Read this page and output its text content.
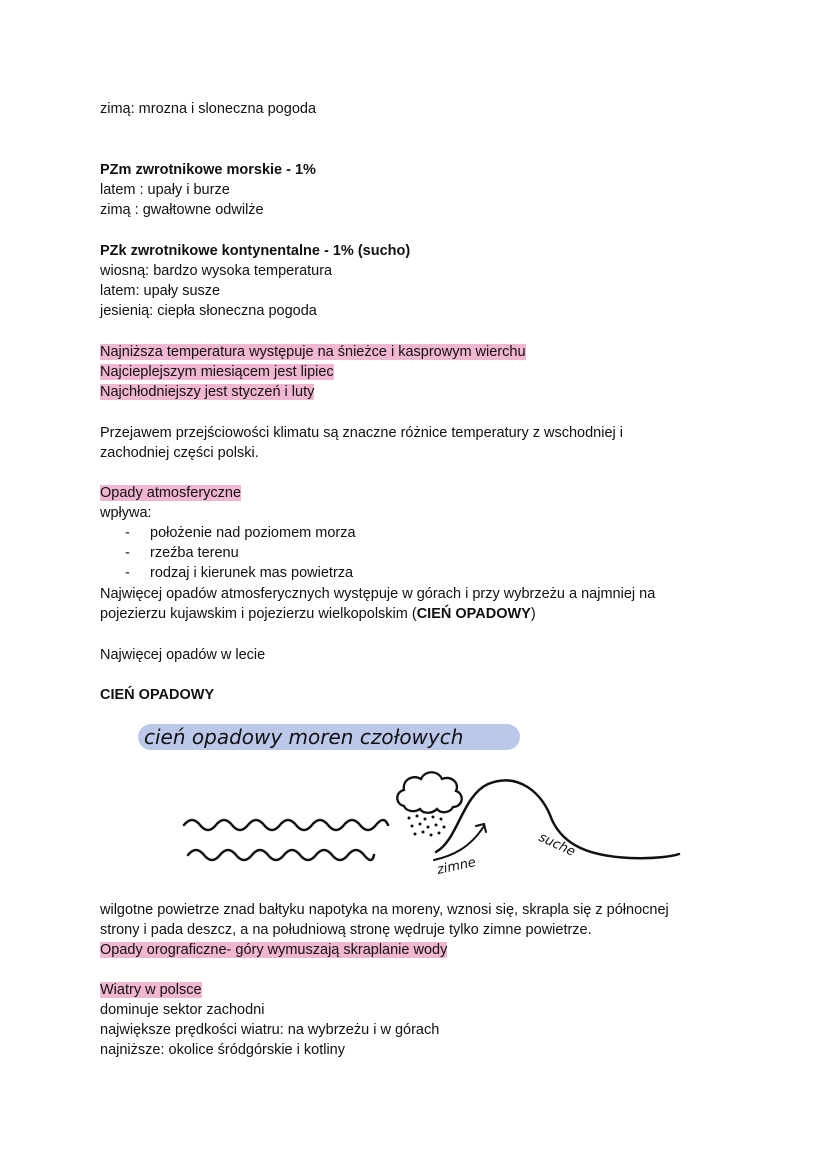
zimą: mrozna i sloneczna pogoda
PZm zwrotnikowe morskie - 1%
latem : upały i burze
zimą : gwałtowne odwilże
PZk zwrotnikowe kontynentalne - 1% (sucho)
wiosną: bardzo wysoka temperatura
latem: upały susze
jesienią: ciepła słoneczna pogoda
Najniższa temperatura występuje na śnieżce i kasprowym wierchu
Najcieplejszym miesiącem jest lipiec
Najchłodniejszy jest styczeń i luty
Przejawem przejściowości klimatu są znaczne różnice temperatury z wschodniej i
zachodniej części polski.
Opady atmosferyczne
wpływa:
- położenie nad poziomem morza
- rzeźba terenu
- rodzaj i kierunek mas powietrza
Najwięcej opadów atmosferycznych występuje w górach i przy wybrzeżu a najmniej na
pojezierzu kujawskim i pojezierzu wielkopolskim (CIEŃ OPADOWY)
Najwięcej opadów w lecie
CIEŃ OPADOWY
wilgotne powietrze znad bałtyku napotyka na moreny, wznosi się, skrapla się z północnej
strony i pada deszcz, a na południową stronę wędruje tylko zimne powietrze.
Opady orograficzne- góry wymuszają skraplanie wody
Wiatry w polsce
dominuje sektor zachodni
największe prędkości wiatru: na wybrzeżu i w górach
najniższe: okolice śródgórskie i kotliny
cień opadowy moren czołowych
zimne
suche
